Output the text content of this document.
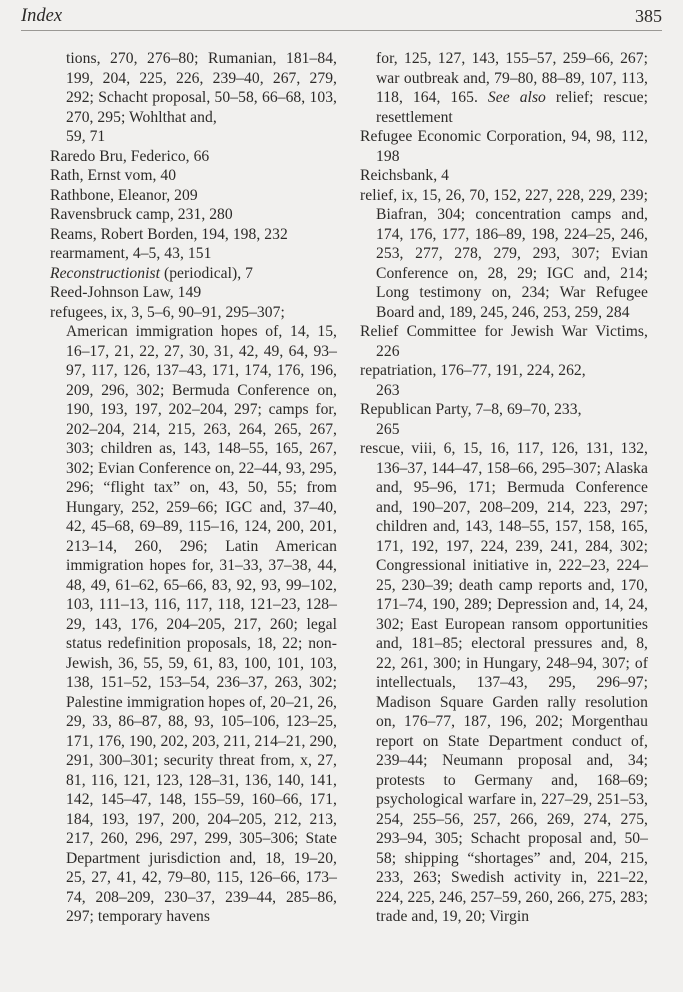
Index	385

tions, 270, 276–80; Rumanian, 181–84, 199, 204, 225, 226, 239–40, 267, 279, 292; Schacht proposal, 50–58, 66–68, 103, 270, 295; Wohlthat and,

59, 71

Raredo Bru, Federico, 66

Rath, Ernst vom, 40

Rathbone, Eleanor, 209

Ravensbruck camp, 231, 280

Reams, Robert Borden, 194, 198, 232

rearmament, 4–5, 43, 151

Reconstructionist (periodical), 7

Reed-Johnson Law, 149

refugees, ix, 3, 5–6, 90–91, 295–307;

American immigration hopes of, 14, 15, 16–17, 21, 22, 27, 30, 31, 42, 49, 64, 93–97, 117, 126, 137–43, 171, 174, 176, 196, 209, 296, 302; Bermuda Conference on, 190, 193, 197, 202–204, 297; camps for, 202–204, 214, 215, 263, 264, 265, 267, 303; children as, 143, 148–55, 165, 267, 302; Evian Conference on, 22–44, 93, 295, 296; “flight tax” on, 43, 50, 55; from Hungary, 252, 259–66; IGC and, 37–40, 42, 45–68, 69–89, 115–16, 124, 200, 201, 213–14, 260, 296; Latin American immigration hopes for, 31–33, 37–38, 44, 48, 49, 61–62, 65–66, 83, 92, 93, 99–102, 103, 111–13, 116, 117, 118, 121–23, 128–29, 143, 176, 204–205, 217, 260; legal status redefinition proposals, 18, 22; non-Jewish, 36, 55, 59, 61, 83, 100, 101, 103, 138, 151–52, 153–54, 236–37, 263, 302; Palestine immigration hopes of, 20–21, 26, 29, 33, 86–87, 88, 93, 105–106, 123–25, 171, 176, 190, 202, 203, 211, 214–21, 290, 291, 300–301; security threat from, x, 27, 81, 116, 121, 123, 128–31, 136, 140, 141, 142, 145–47, 148, 155–59, 160–66, 171, 184, 193, 197, 200, 204–205, 212, 213, 217, 260, 296, 297, 299, 305–306; State Department jurisdiction and, 18, 19–20, 25, 27, 41, 42, 79–80, 115, 126–66, 173–74, 208–209, 230–37, 239–44, 285–86, 297; temporary havens

for, 125, 127, 143, 155–57, 259–66, 267; war outbreak and, 79–80, 88–89, 107, 113, 118, 164, 165. See also relief; rescue; resettlement

Refugee Economic Corporation, 94, 98, 112, 198

Reichsbank, 4

relief, ix, 15, 26, 70, 152, 227, 228, 229, 239; Biafran, 304; concentration camps and, 174, 176, 177, 186–89, 198, 224–25, 246, 253, 277, 278, 279, 293, 307; Evian Conference on, 28, 29; IGC and, 214; Long testimony on, 234; War Refugee Board and, 189, 245, 246, 253, 259, 284

Relief Committee for Jewish War Victims, 226

repatriation, 176–77, 191, 224, 262,
263

Republican Party, 7–8, 69–70, 233,
265

rescue, viii, 6, 15, 16, 117, 126, 131, 132, 136–37, 144–47, 158–66, 295–307; Alaska and, 95–96, 171; Bermuda Conference and, 190–207, 208–209, 214, 223, 297; children and, 143, 148–55, 157, 158, 165, 171, 192, 197, 224, 239, 241, 284, 302; Congressional initiative in, 222–23, 224–25, 230–39; death camp reports and, 170, 171–74, 190, 289; Depression and, 14, 24, 302; East European ransom opportunities and, 181–85; electoral pressures and, 8, 22, 261, 300; in Hungary, 248–94, 307; of intellectuals, 137–43, 295, 296–97; Madison Square Garden rally resolution on, 176–77, 187, 196, 202; Morgenthau report on State Department conduct of, 239–44; Neumann proposal and, 34; protests to Germany and, 168–69; psychological warfare in, 227–29, 251–53, 254, 255–56, 257, 266, 269, 274, 275, 293–94, 305; Schacht proposal and, 50–58; shipping “shortages” and, 204, 215, 233, 263; Swedish activity in, 221–22, 224, 225, 246, 257–59, 260, 266, 275, 283; trade and, 19, 20; Virgin
